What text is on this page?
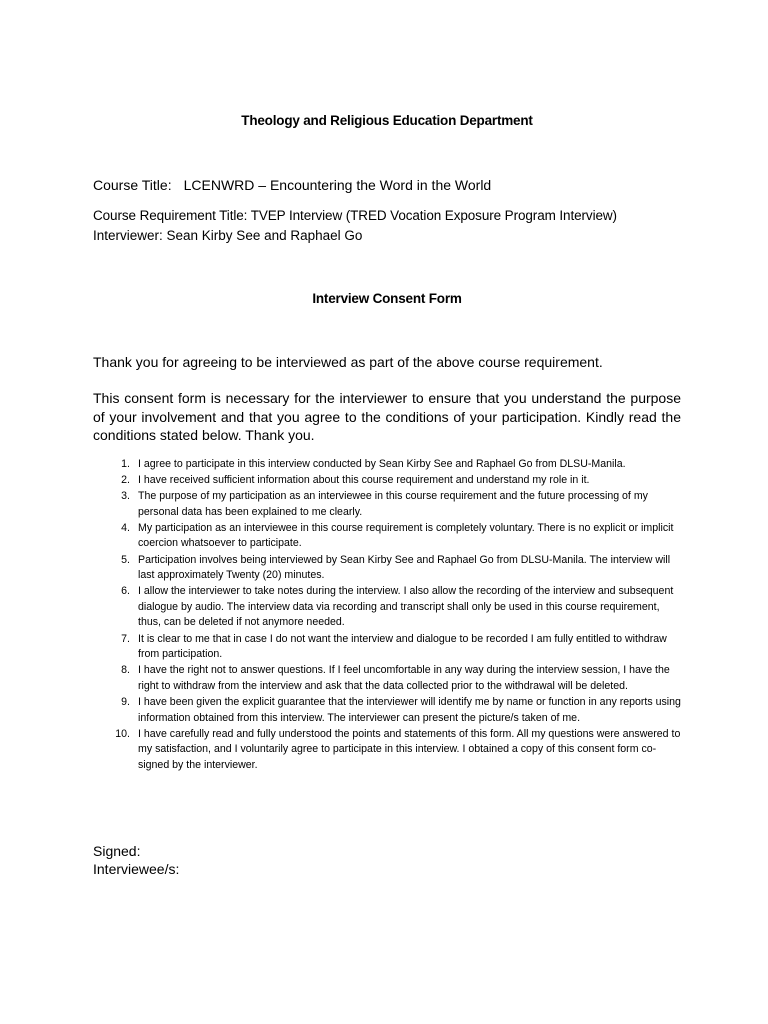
Theology and Religious Education Department
Course Title: LCENWRD – Encountering the Word in the World
Course Requirement Title: TVEP Interview (TRED Vocation Exposure Program Interview)
Interviewer: Sean Kirby See and Raphael Go
Interview Consent Form
Thank you for agreeing to be interviewed as part of the above course requirement.
This consent form is necessary for the interviewer to ensure that you understand the purpose of your involvement and that you agree to the conditions of your participation. Kindly read the conditions stated below. Thank you.
1. I agree to participate in this interview conducted by Sean Kirby See and Raphael Go from DLSU-Manila.
2. I have received sufficient information about this course requirement and understand my role in it.
3. The purpose of my participation as an interviewee in this course requirement and the future processing of my personal data has been explained to me clearly.
4. My participation as an interviewee in this course requirement is completely voluntary. There is no explicit or implicit coercion whatsoever to participate.
5. Participation involves being interviewed by Sean Kirby See and Raphael Go from DLSU-Manila. The interview will last approximately Twenty (20) minutes.
6. I allow the interviewer to take notes during the interview. I also allow the recording of the interview and subsequent dialogue by audio. The interview data via recording and transcript shall only be used in this course requirement, thus, can be deleted if not anymore needed.
7. It is clear to me that in case I do not want the interview and dialogue to be recorded I am fully entitled to withdraw from participation.
8. I have the right not to answer questions. If I feel uncomfortable in any way during the interview session, I have the right to withdraw from the interview and ask that the data collected prior to the withdrawal will be deleted.
9. I have been given the explicit guarantee that the interviewer will identify me by name or function in any reports using information obtained from this interview. The interviewer can present the picture/s taken of me.
10. I have carefully read and fully understood the points and statements of this form. All my questions were answered to my satisfaction, and I voluntarily agree to participate in this interview. I obtained a copy of this consent form co-signed by the interviewer.
Signed:
Interviewee/s:
